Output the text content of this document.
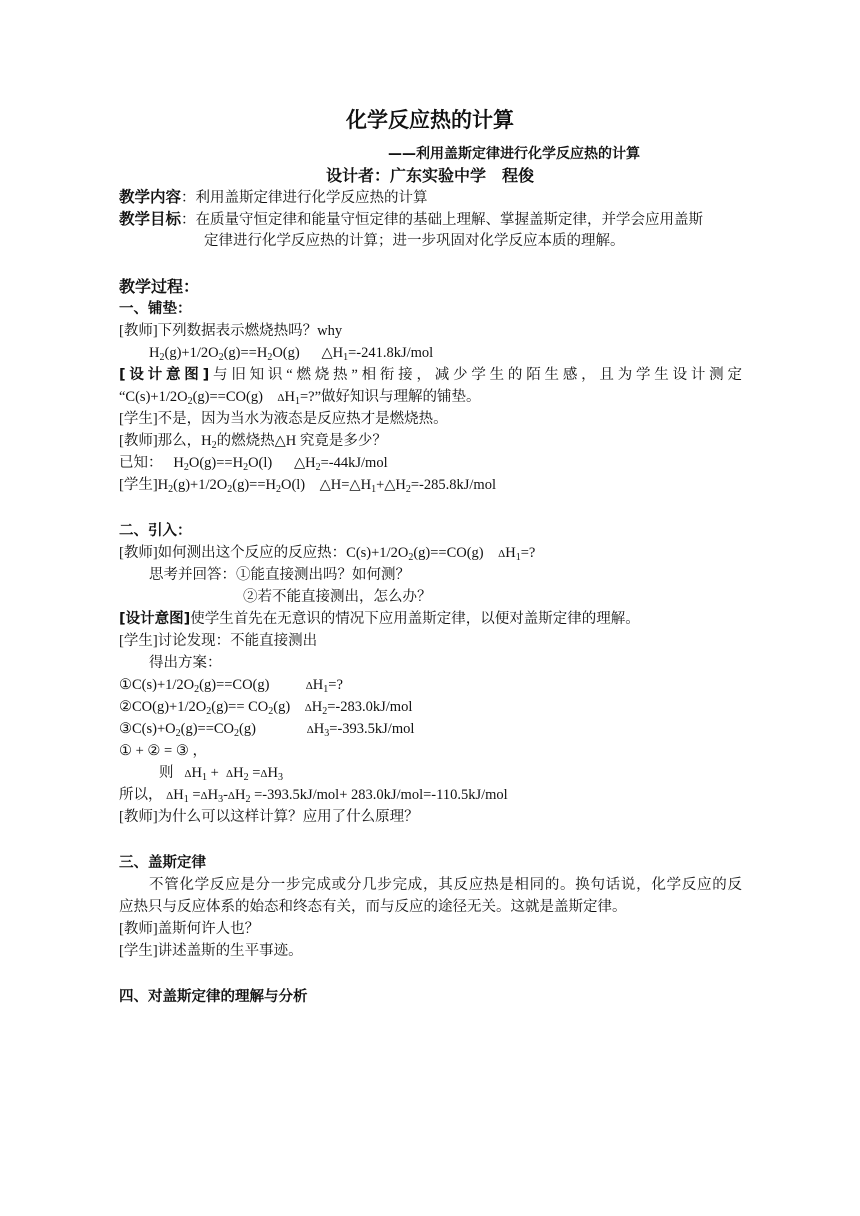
化学反应热的计算
——利用盖斯定律进行化学反应热的计算
设计者：广东实验中学 程俊
教学内容：利用盖斯定律进行化学反应热的计算
教学目标：在质量守恒定律和能量守恒定律的基础上理解、掌握盖斯定律，并学会应用盖斯
定律进行化学反应热的计算；进一步巩固对化学反应本质的理解。
教学过程：
一、铺垫：
[教师]下列数据表示燃烧热吗？why
$H_2(g)+1/2O_2(g)==H_2O(g)$      $\triangle H_1=-241.8kJ$/mol
[设计意图]与旧知识“燃烧热”相衔接，减少学生的陌生感，且为学生设计测定
“$C(s)+1/2O_2(g)==CO(g)$    $\Delta H_1=$?”做好知识与理解的铺垫。
[学生]不是，因为当水为液态是反应热才是燃烧热。
[教师]那么，$H_2$的燃烧热△H 究竟是多少？
已知：   $H_2O(g)==H_2O(l)$      $\triangle H_2=-44kJ$/mol
[学生]$H_2(g)+1/2O_2(g)==H_2O(l)$    $\triangle H=\triangle H_1+\triangle H_2=-285.8kJ$/mol
二、引入：
[教师]如何测出这个反应的反应热：$C(s)+1/2O_2(g)==CO(g)$    $\Delta H_1=$?
思考并回答：①能直接测出吗？如何测？
②若不能直接测出，怎么办？
[设计意图]使学生首先在无意识的情况下应用盖斯定律，以便对盖斯定律的理解。
[学生]讨论发现：不能直接测出
得出方案：
$①C(s)+1/2O_2(g)==CO(g)$          $\Delta H_1=$?
$②CO(g)+1/2O_2(g)== CO_2(g)$    $\Delta H_2=-283.0kJ$/mol
$③C(s)+O_2(g)==CO_2(g)$              $\Delta H_3=-393.5kJ$/mol
① + ② = ③ ，
则 $\Delta H_1 + \Delta H_2 =\Delta H_3$
所以， $\Delta H_1 =\Delta H_3-\Delta H_2 =-393.5kJ/mol+ 283.0kJ/mol=-110.5kJ/mol$
[教师]为什么可以这样计算？应用了什么原理？
三、盖斯定律
不管化学反应是分一步完成或分几步完成，其反应热是相同的。换句话说，化学反应的反
应热只与反应体系的始态和终态有关，而与反应的途径无关。这就是盖斯定律。
[教师]盖斯何许人也？
[学生]讲述盖斯的生平事迹。
四、对盖斯定律的理解与分析
